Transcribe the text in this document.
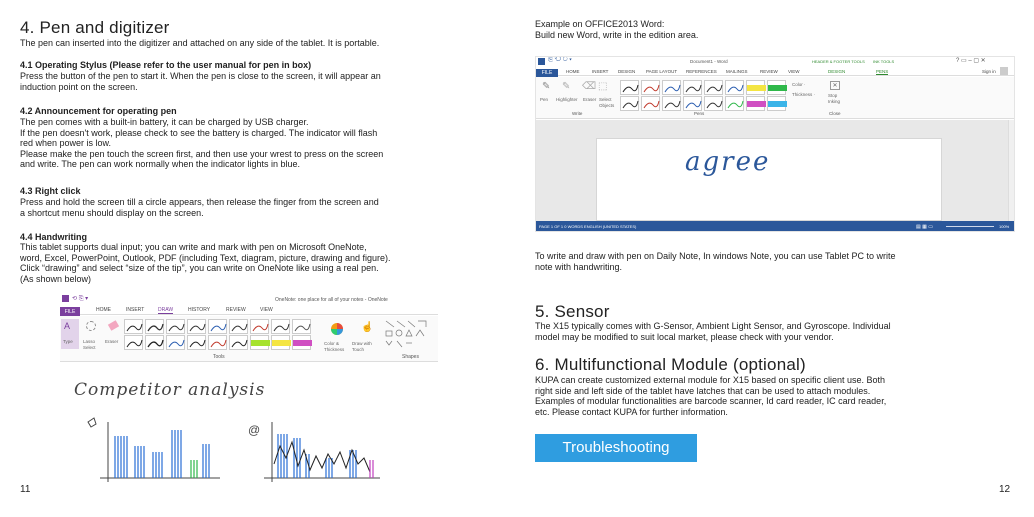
4. Pen and digitizer
The pen can inserted into the digitizer and attached on any side of the tablet. It is portable.
4.1 Operating Stylus (Please refer to the user manual for pen in box)
Press the button of the pen to start it. When the pen is close to the screen, it will appear an
induction point on the screen.
4.2 Announcement for operating pen
The pen comes with a built-in battery, it can be charged by USB charger.
If the pen doesn't work, please check to see the battery is charged. The indicator will flash
red when power is low.
Please make the pen touch the screen first, and then use your wrest to press on the screen
and write. The pen can work normally when the indicator lights in blue.
4.3 Right click
Press and hold the screen till a circle appears, then release the finger from the screen and
a shortcut menu should display on the screen.
4.4 Handwriting
This tablet supports dual input; you can write and mark with pen on Microsoft OneNote,
word, Excel, PowerPoint, Outlook, PDF (including Text, diagram, picture, drawing and figure).
Click “drawing” and select “size of the tip”, you can write on OneNote like using a real pen.
(As shown below)
⟲ ⎘ ▾	OneNote: one place for all of your notes - OneNote
FILE	HOME	INSERT	DRAW	HISTORY	REVIEW	VIEW
A
Type Lasso
Select
Eraser	Color &
Thickness
☝
Draw with
Touch
Tools	Shapes
Competitor analysis
@
11
Example on OFFICE2013 Word:
Build new Word, write in the edition area.
⎘ ⟲ ↻ ▾	Document1 - Word	HEADER & FOOTER TOOLS INK TOOLS	? ▭ – ▢ ✕
FILE	HOME	INSERT DESIGN PAGE LAYOUT REFERENCES MAILINGS	REVIEW VIEW	DESIGN	PENS	Sign in
✎ ✎ ⌫ ⬚
Pen Highlighter Eraser Select
Objects
Color ·
Thickness ·
✕
Stop
Inking
Write	Pens	Close
agree
PAGE 1 OF 1 0 WORDS ENGLISH (UNITED STATES)	▤ ▦ ▭	100%
To write and draw with pen on Daily Note, In windows Note, you can use Tablet PC to write
note with handwriting.
5. Sensor
The X15 typically comes with G-Sensor, Ambient Light Sensor, and Gyroscope. Individual
model may be modified to suit local market, please check with your vendor.
6. Multifunctional Module (optional)
KUPA can create customized external module for X15 based on specific client use. Both
right side and left side of the tablet have latches that can be used to attach modules.
Examples of modular functionalities are barcode scanner, Id card reader, IC card reader,
etc. Please contact KUPA for further information.
Troubleshooting
12
